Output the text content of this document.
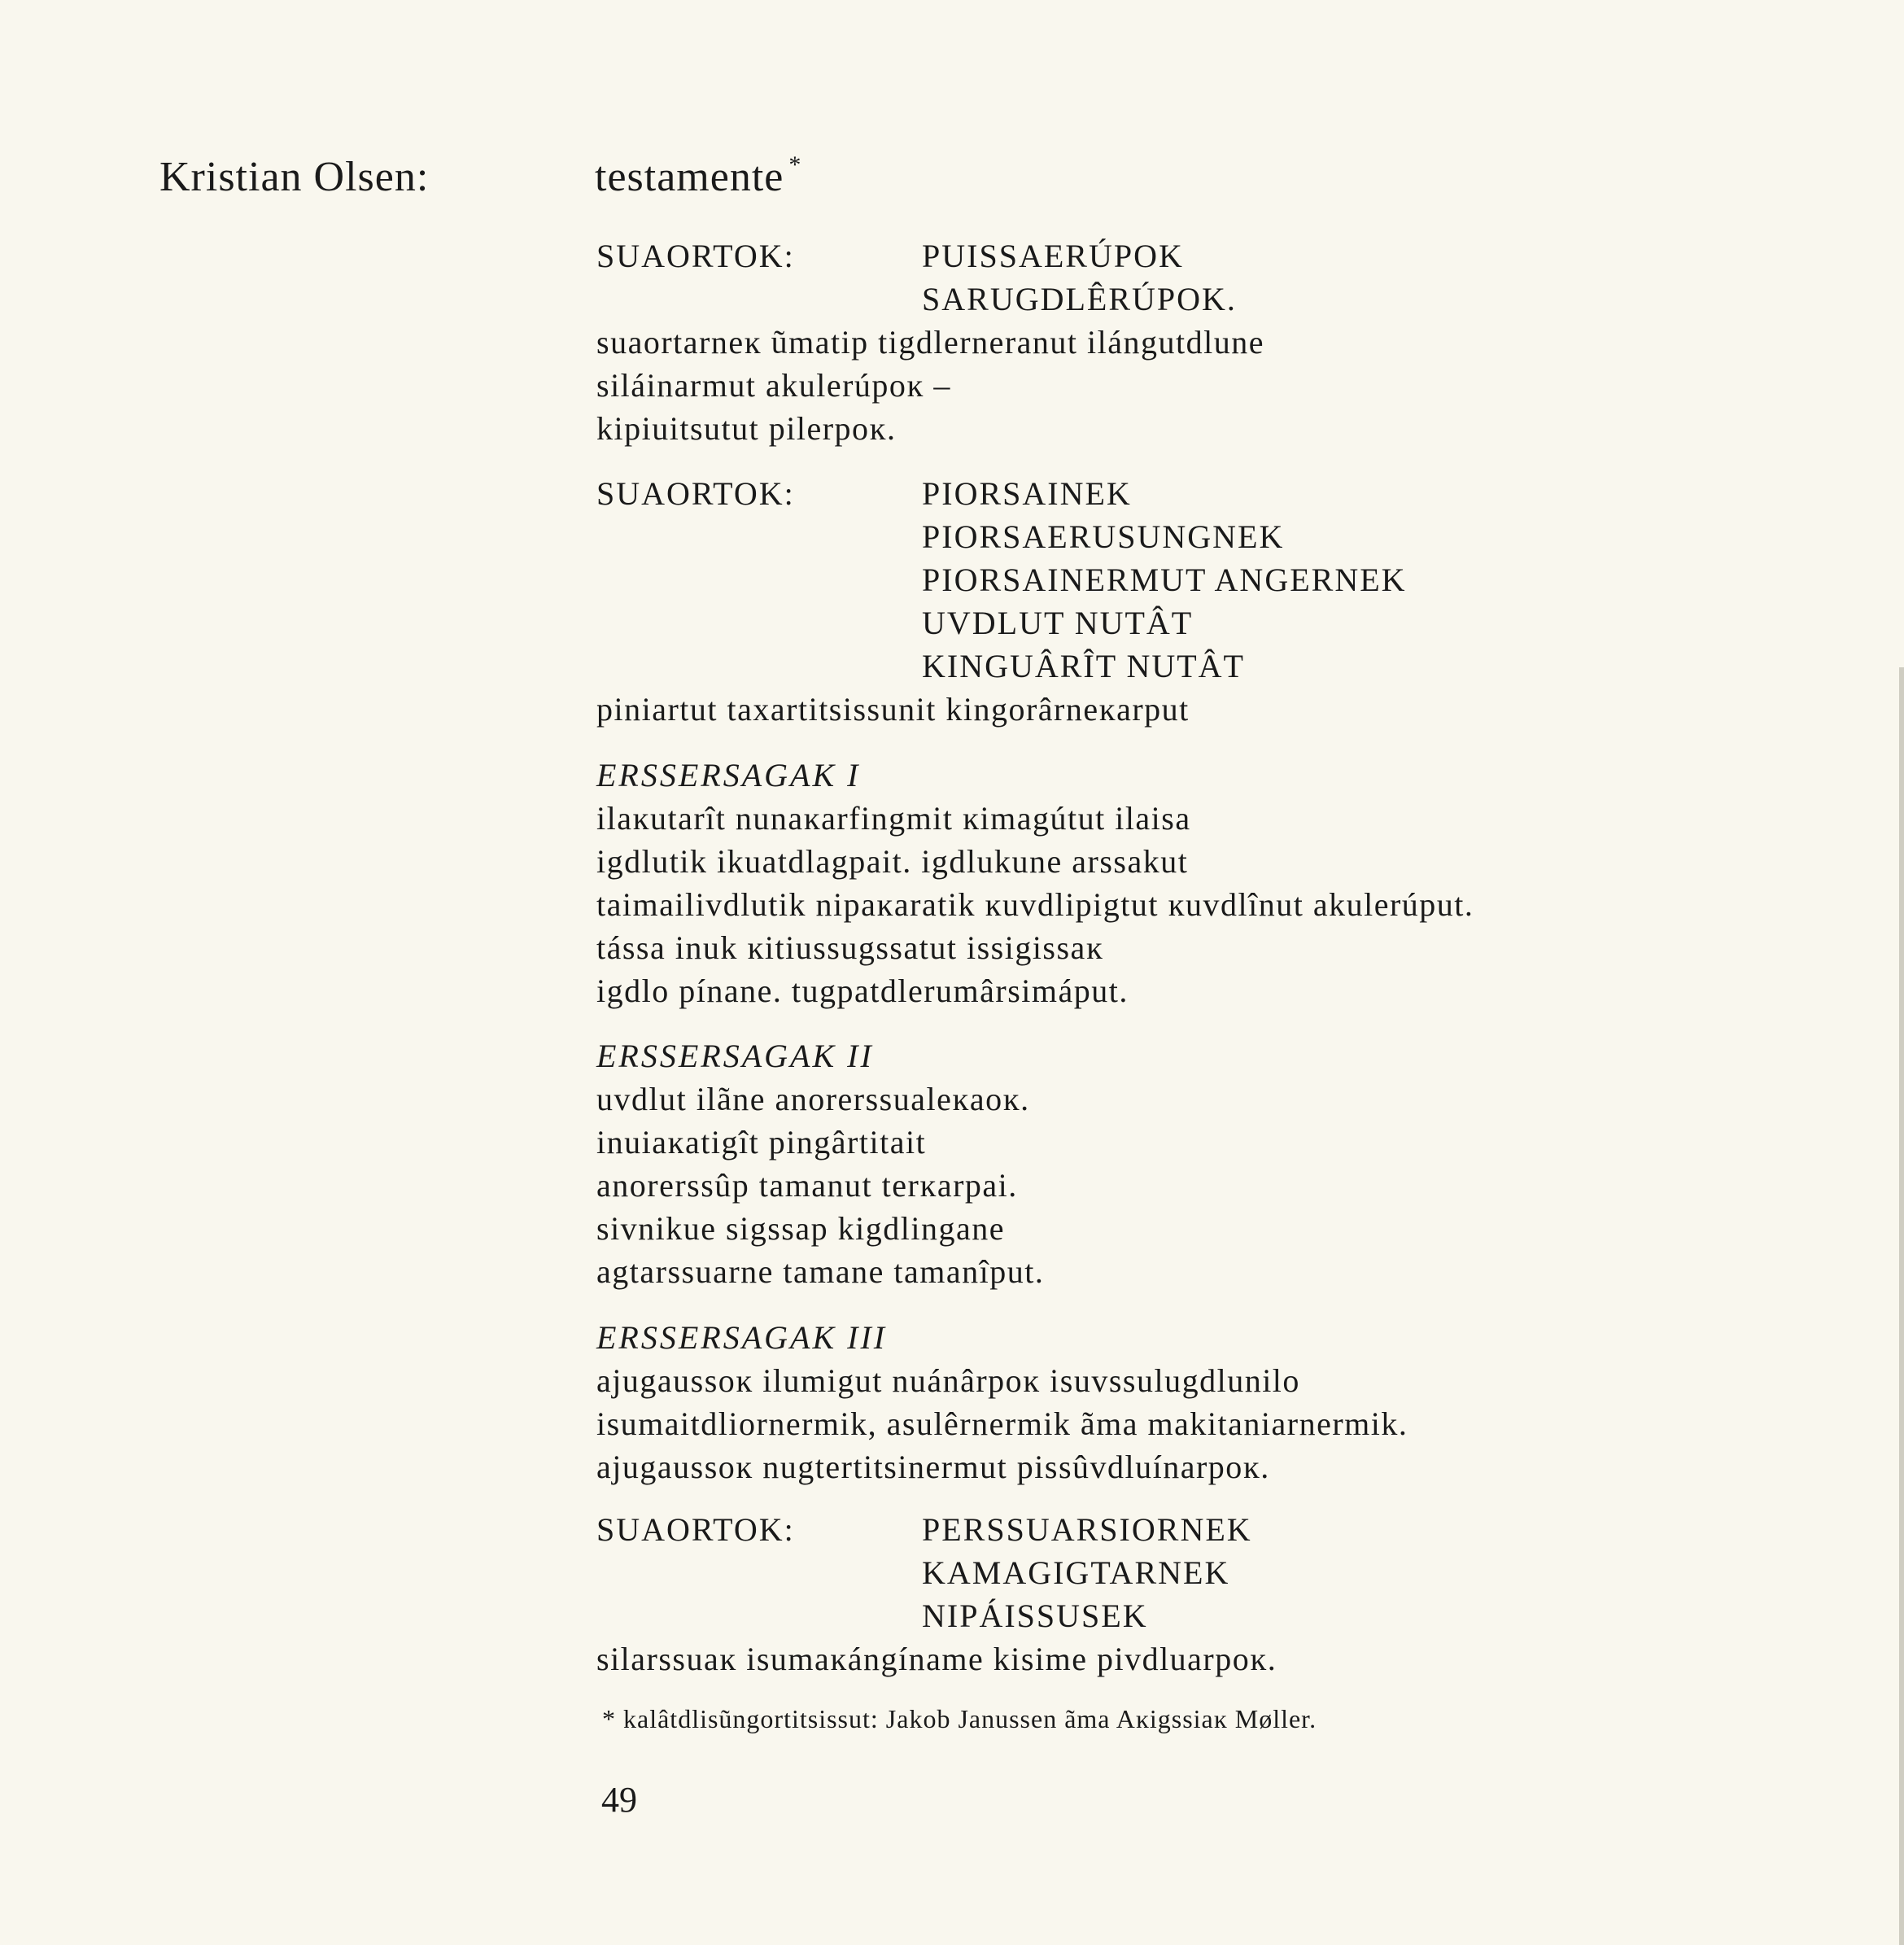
Kristian Olsen:	testamente *
SUAORTOK:	PUISSAERÚPOK
SARUGDLÊRÚPOK.
suaortarneĸ ũmatip tigdlerneranut ilángutdlune
siláinarmut akulerúpoĸ –
kipiuitsutut pilerpoĸ.
SUAORTOK:	PIORSAINEK
PIORSAERUSUNGNEK
PIORSAINERMUT ANGERNEK
UVDLUT NUTÂT
KINGUÂRÎT NUTÂT
piniartut taxartitsissunit kingorârneĸarput
ERSSERSAGAK I
ilaĸutarît nunaĸarfingmit ĸimagútut ilaisa
igdlutik ikuatdlagpait. igdlukune arssakut
taimailivdlutik nipaĸaratik ĸuvdlipigtut ĸuvdlînut akulerúput.
tássa inuk ĸitiussugssatut issigissaĸ
igdlo pínane. tugpatdlerumârsimáput.
ERSSERSAGAK II
uvdlut ilãne anorerssualeĸaoĸ.
inuiaĸatigît pingârtitait
anorerssûp tamanut terĸarpai.
sivnikue sigssap kigdlingane
agtarssuarne tamane tamanîput.
ERSSERSAGAK III
ajugaussoĸ ilumigut nuánârpoĸ isuvssulugdlunilo
isumaitdliornermik, asulêrnermik ãma makitaniarnermik.
ajugaussoĸ nugtertitsinermut pissûvdluínarpoĸ.
SUAORTOK:	PERSSUARSIORNEK
KAMAGIGTARNEK
NIPÁISSUSEK
silarssuaĸ isumaĸángíname kisime pivdluarpoĸ.
* kalâtdlisũngortitsissut: Jakob Janussen ãma Aĸigssiaĸ Møller.
49
